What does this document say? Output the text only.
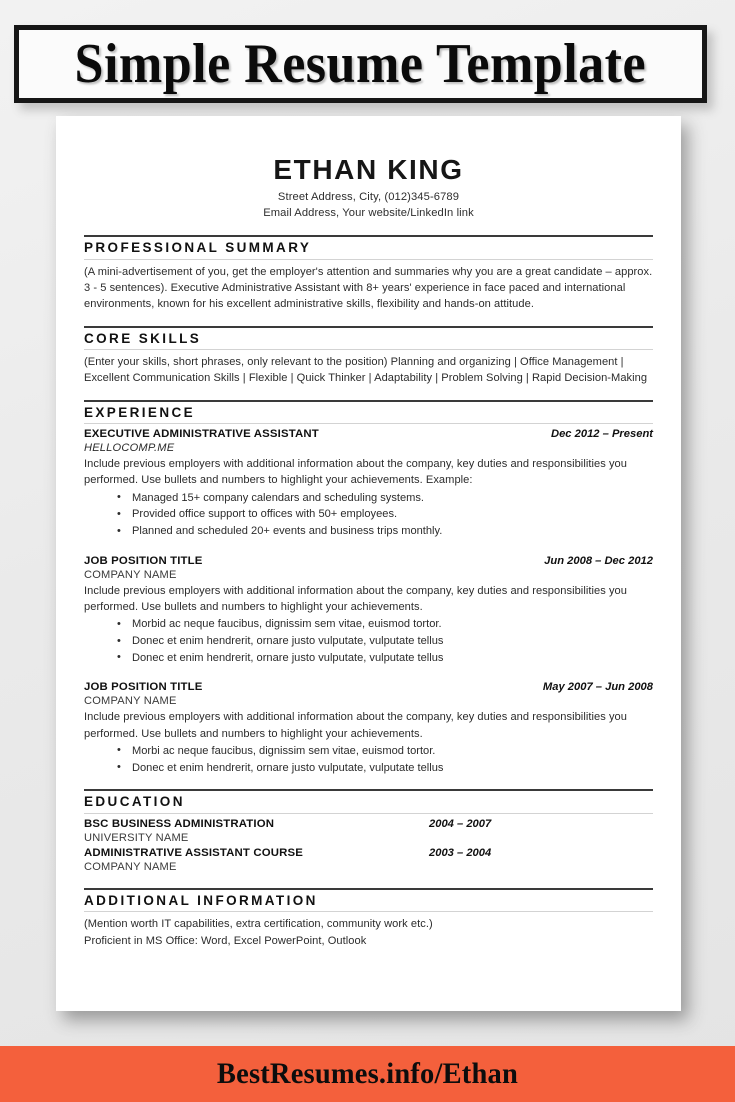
Simple Resume Template
ETHAN KING
Street Address, City, (012)345-6789
Email Address, Your website/LinkedIn link
PROFESSIONAL SUMMARY

(A mini-advertisement of you, get the employer's attention and summaries why you are a great candidate – approx. 3 - 5 sentences). Executive Administrative Assistant with 8+ years' experience in face paced and international environments, known for his excellent administrative skills, flexibility and hands-on attitude.

CORE SKILLS

(Enter your skills, short phrases, only relevant to the position) Planning and organizing | Office Management | Excellent Communication Skills | Flexible | Quick Thinker | Adaptability | Problem Solving | Rapid Decision-Making

EXPERIENCE
EXECUTIVE ADMINISTRATIVE ASSISTANT	Dec 2012 – Present
HELLOCOMP.ME

Include previous employers with additional information about the company, key duties and responsibilities you performed. Use bullets and numbers to highlight your achievements. Example:

• Managed 15+ company calendars and scheduling systems.
• Provided office support to offices with 50+ employees.
• Planned and scheduled 20+ events and business trips monthly.
JOB POSITION TITLE	Jun 2008 – Dec 2012
COMPANY NAME

Include previous employers with additional information about the company, key duties and responsibilities you performed. Use bullets and numbers to highlight your achievements.

• Morbid ac neque faucibus, dignissim sem vitae, euismod tortor.
• Donec et enim hendrerit, ornare justo vulputate, vulputate tellus
• Donec et enim hendrerit, ornare justo vulputate, vulputate tellus
JOB POSITION TITLE	May 2007 – Jun 2008
COMPANY NAME

Include previous employers with additional information about the company, key duties and responsibilities you performed. Use bullets and numbers to highlight your achievements.

• Morbi ac neque faucibus, dignissim sem vitae, euismod tortor.
• Donec et enim hendrerit, ornare justo vulputate, vulputate tellus
EDUCATION
BSC BUSINESS ADMINISTRATION	2004 – 2007
UNIVERSITY NAME
ADMINISTRATIVE ASSISTANT COURSE	2003 – 2004
COMPANY NAME
ADDITIONAL INFORMATION

(Mention worth IT capabilities, extra certification, community work etc.)

Proficient in MS Office: Word, Excel PowerPoint, Outlook

BestResumes.info/Ethan
